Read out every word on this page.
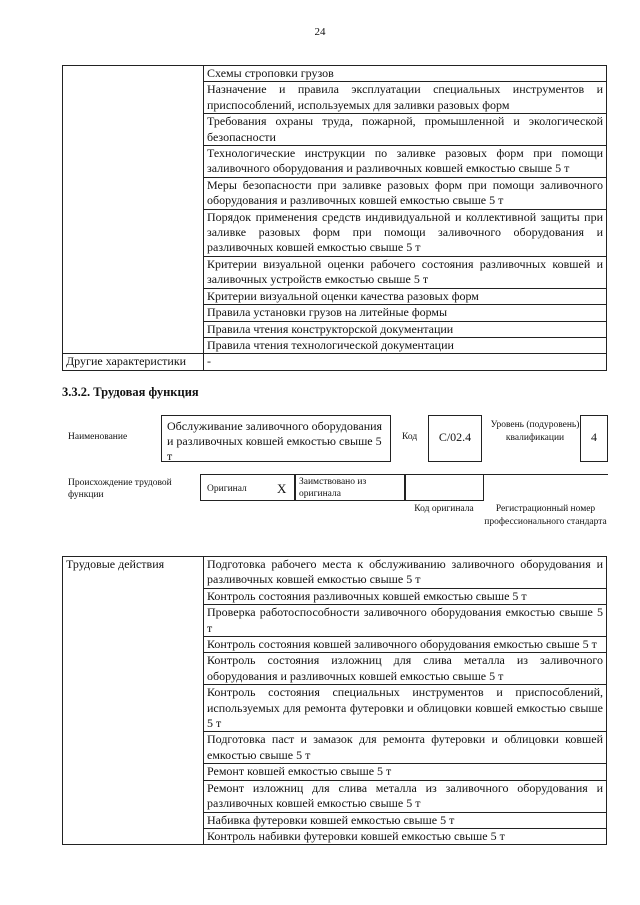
24

	Схемы строповки грузов

	Назначение и правила эксплуатации специальных инструментов и приспособлений, используемых для заливки разовых форм

	Требования охраны труда, пожарной, промышленной и экологической безопасности

	Технологические инструкции по заливке разовых форм при помощи заливочного оборудования и разливочных ковшей емкостью свыше 5 т

	Меры безопасности при заливке разовых форм при помощи заливочного оборудования и разливочных ковшей емкостью свыше 5 т

	Порядок применения средств индивидуальной и коллективной защиты при заливке разовых форм при помощи заливочного оборудования и разливочных ковшей емкостью свыше 5 т

	Критерии визуальной оценки рабочего состояния разливочных ковшей и заливочных устройств емкостью свыше 5 т

	Критерии визуальной оценки качества разовых форм

	Правила установки грузов на литейные формы

	Правила чтения конструкторской документации

	Правила чтения технологической документации

Другие характеристики	-
3.3.2. Трудовая функция
Наименование
Обслуживание заливочного оборудования и разливочных ковшей емкостью свыше 5 т
Код	С/02.4
Уровень (подуровень) квалификации	4
Происхождение трудовой функции
Оригинал Х	Заимствовано из оригинала
Код оригинала	Регистрационный номер профессионального стандарта
Трудовые действия	Подготовка рабочего места к обслуживанию заливочного оборудования и разливочных ковшей емкостью свыше 5 т

Контроль состояния разливочных ковшей емкостью свыше 5 т

Проверка работоспособности заливочного оборудования емкостью свыше 5 т

Контроль состояния ковшей заливочного оборудования емкостью свыше 5 т

Контроль состояния изложниц для слива металла из заливочного оборудования и разливочных ковшей емкостью свыше 5 т

Контроль состояния специальных инструментов и приспособлений, используемых для ремонта футеровки и облицовки ковшей емкостью свыше 5 т

Подготовка паст и замазок для ремонта футеровки и облицовки ковшей емкостью свыше 5 т

Ремонт ковшей емкостью свыше 5 т

Ремонт изложниц для слива металла из заливочного оборудования и разливочных ковшей емкостью свыше 5 т

Набивка футеровки ковшей емкостью свыше 5 т

Контроль набивки футеровки ковшей емкостью свыше 5 т
